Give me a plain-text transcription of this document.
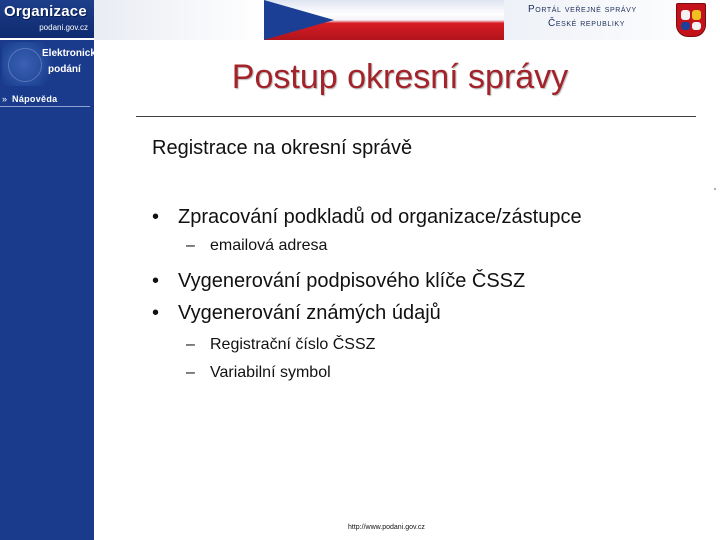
Organizace
podani.gov.cz
Portál veřejné správy
České republiky
Elektronická
podání
» Nápověda
Postup okresní správy
Registrace na okresní správě
• Zpracování podkladů od organizace/zástupce
– emailová adresa
• Vygenerování podpisového klíče ČSSZ
• Vygenerování známých údajů
– Registrační číslo ČSSZ
– Variabilní symbol
http://www.podani.gov.cz
